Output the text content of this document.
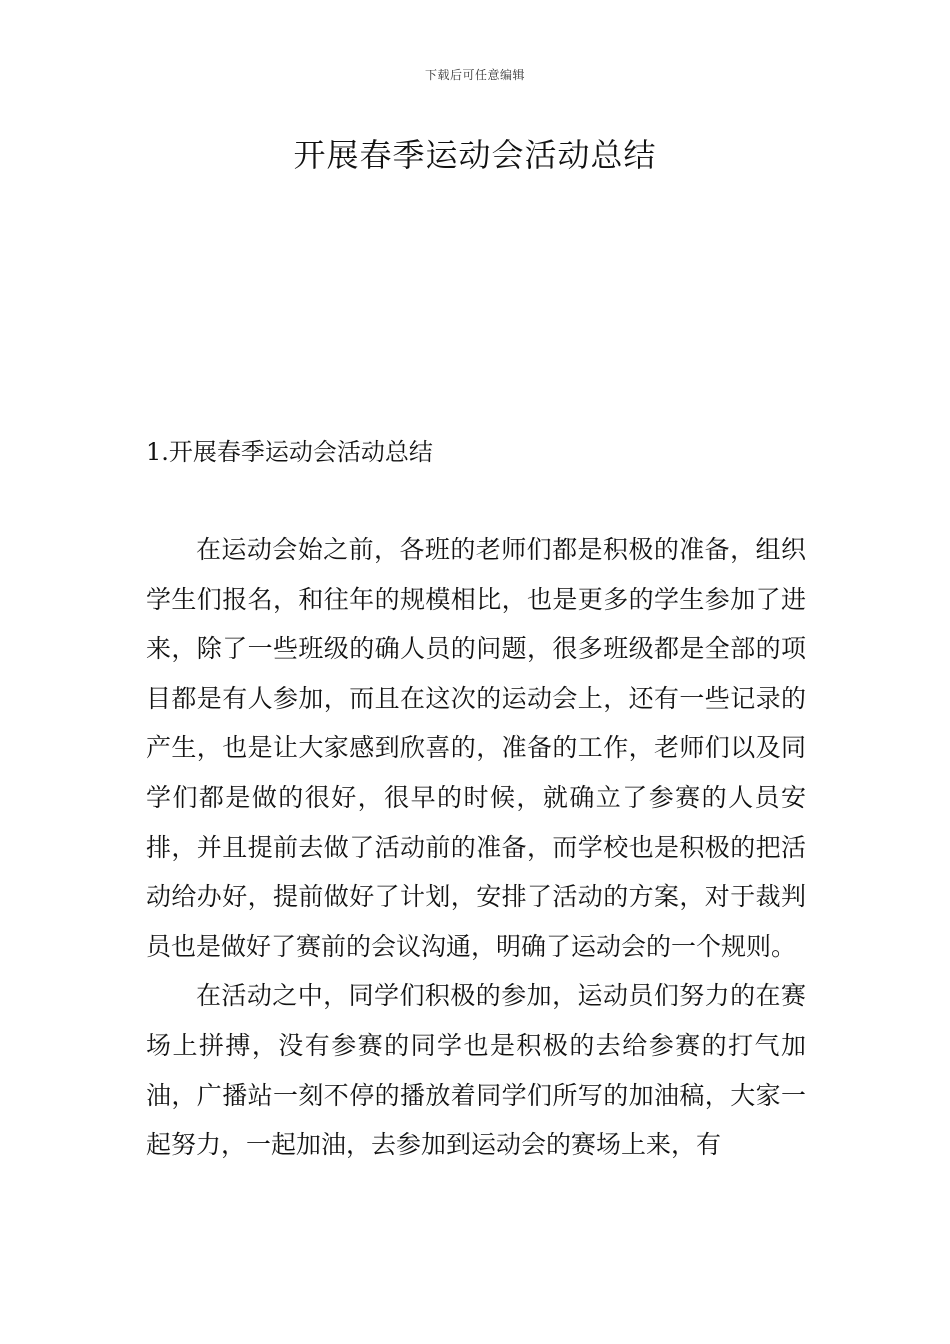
下载后可任意编辑
开展春季运动会活动总结
1.开展春季运动会活动总结

在运动会始之前，各班的老师们都是积极的准备，组织学生们报名，和往年的规模相比，也是更多的学生参加了进来，除了一些班级的确人员的问题，很多班级都是全部的项目都是有人参加，而且在这次的运动会上，还有一些记录的产生，也是让大家感到欣喜的，准备的工作，老师们以及同学们都是做的很好，很早的时候，就确立了参赛的人员安排，并且提前去做了活动前的准备，而学校也是积极的把活动给办好，提前做好了计划，安排了活动的方案，对于裁判员也是做好了赛前的会议沟通，明确了运动会的一个规则。

在活动之中，同学们积极的参加，运动员们努力的在赛场上拼搏，没有参赛的同学也是积极的去给参赛的打气加油，广播站一刻不停的播放着同学们所写的加油稿，大家一起努力，一起加油，去参加到运动会的赛场上来，有
